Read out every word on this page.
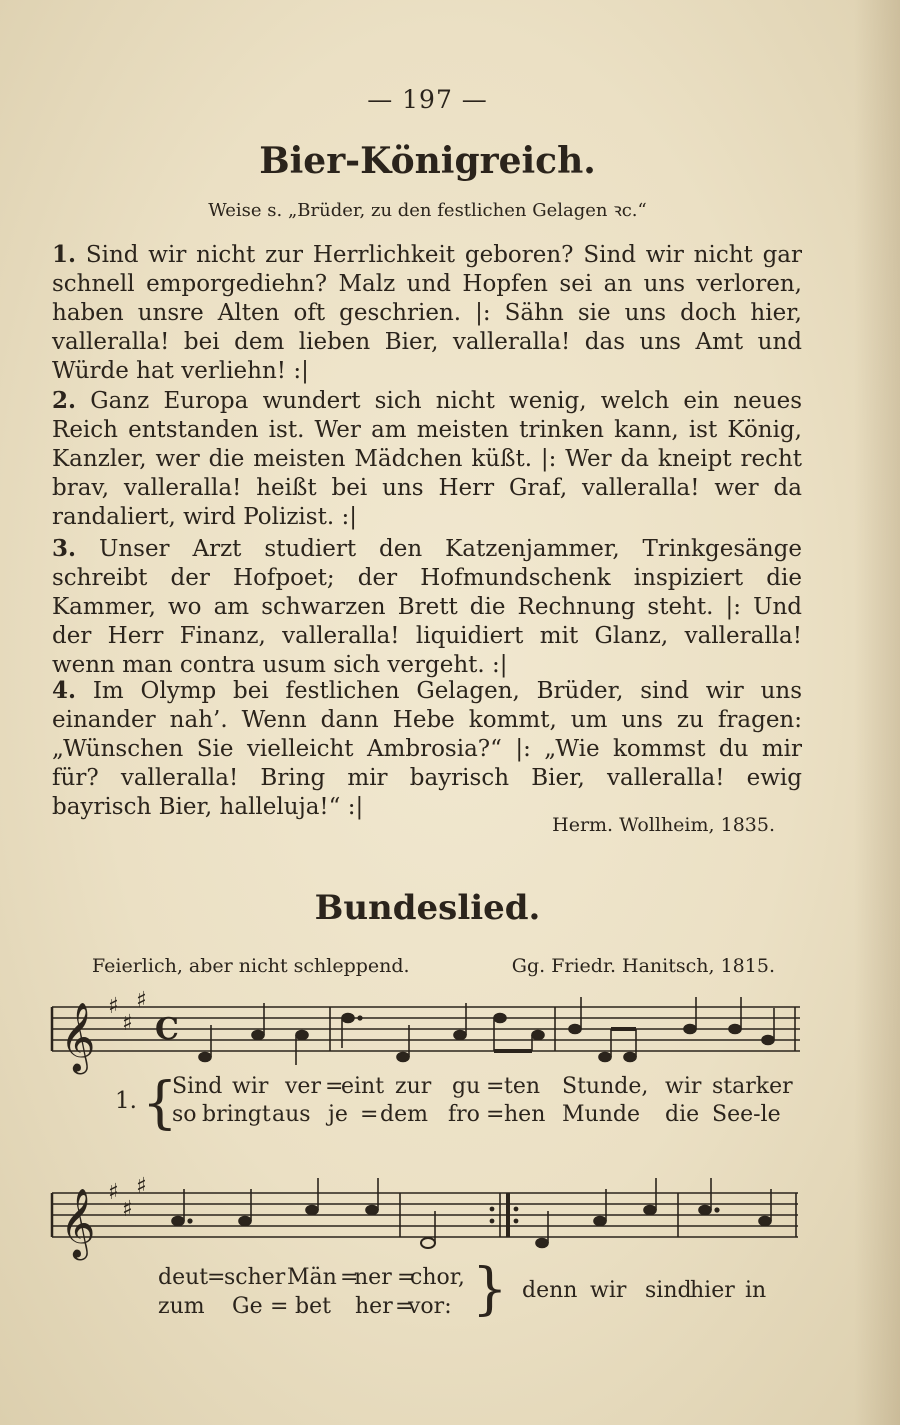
— 197 —
Bier-Königreich.
Weise s. „Brüder, zu den festlichen Gelagen ꝛc.“
1. Sind wir nicht zur Herrlichkeit geboren? Sind wir nicht gar schnell emporgediehn? Malz und Hopfen sei an uns verloren, haben unsre Alten oft geschrien. |: Sähn sie uns doch hier, valleralla! bei dem lieben Bier, valleralla! das uns Amt und Würde hat verliehn! :|
2. Ganz Europa wundert sich nicht wenig, welch ein neues Reich entstanden ist. Wer am meisten trinken kann, ist König, Kanzler, wer die meisten Mädchen küßt. |: Wer da kneipt recht brav, valleralla! heißt bei uns Herr Graf, valleralla! wer da randaliert, wird Polizist. :|
3. Unser Arzt studiert den Katzenjammer, Trinkgesänge schreibt der Hofpoet; der Hofmundschenk inspiziert die Kammer, wo am schwarzen Brett die Rechnung steht. |: Und der Herr Finanz, valleralla! liquidiert mit Glanz, valleralla! wenn man contra usum sich vergeht. :|
4. Im Olymp bei festlichen Gelagen, Brüder, sind wir uns einander nah’. Wenn dann Hebe kommt, um uns zu fragen: „Wünschen Sie vielleicht Ambrosia?“ |: „Wie kommst du mir für? valleralla! Bring mir bayrisch Bier, valleralla! ewig bayrisch Bier, halleluja!“ :|
Herm. Wollheim, 1835.
Bundeslied.
Feierlich, aber nicht schleppend.	Gg. Friedr. Hanitsch, 1815.
𝄞 ♯
♯
♯
C
1. {
Sind wir ver =
eint zur gu = ten Stunde, wir starker
so bringt aus je = dem fro = hen Munde die See-le
𝄞 ♯
♯
♯
deut
=
scher Män =
ner =
chor,
zum Ge = bet her =
vor: } denn wir sind
hier in
